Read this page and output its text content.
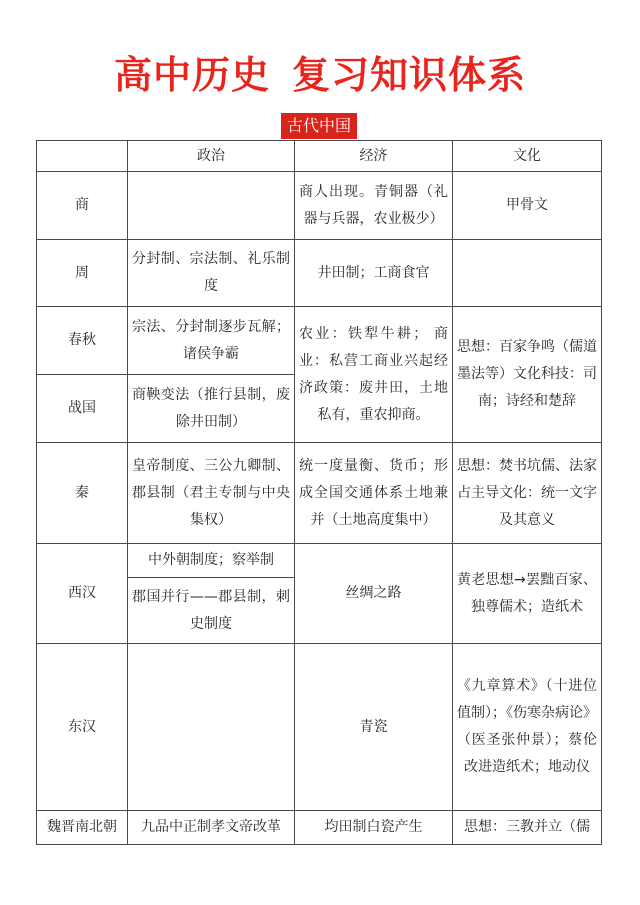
高中历史 复习知识体系
古代中国
	政治	经济	文化
商		商人出现。青铜器（礼器与兵器，农业极少）	甲骨文
周	分封制、宗法制、礼乐制度	井田制；工商食官	
春秋	宗法、分封制逐步瓦解；诸侯争霸	农业：铁犁牛耕； 商业：私营工商业兴起经济政策：废井田，土地私有，重农抑商。	思想：百家争鸣（儒道墨法等）文化科技：司南；诗经和楚辞
战国	商鞅变法（推行县制，废除井田制）		
秦	皇帝制度、三公九卿制、郡县制（君主专制与中央集权）	统一度量衡、货币；形成全国交通体系土地兼并（土地高度集中）	思想：焚书坑儒、法家占主导文化：统一文字及其意义
西汉	中外朝制度；察举制	丝绸之路	黄老思想→罢黜百家、独尊儒术；造纸术
	郡国并行——郡县制，刺史制度		
东汉		青瓷	《九章算术》（十进位值制）；《伤寒杂病论》（医圣张仲景）；蔡伦改进造纸术；地动仪
魏晋南北朝	九品中正制孝文帝改革	均田制白瓷产生	思想：三教并立（儒
